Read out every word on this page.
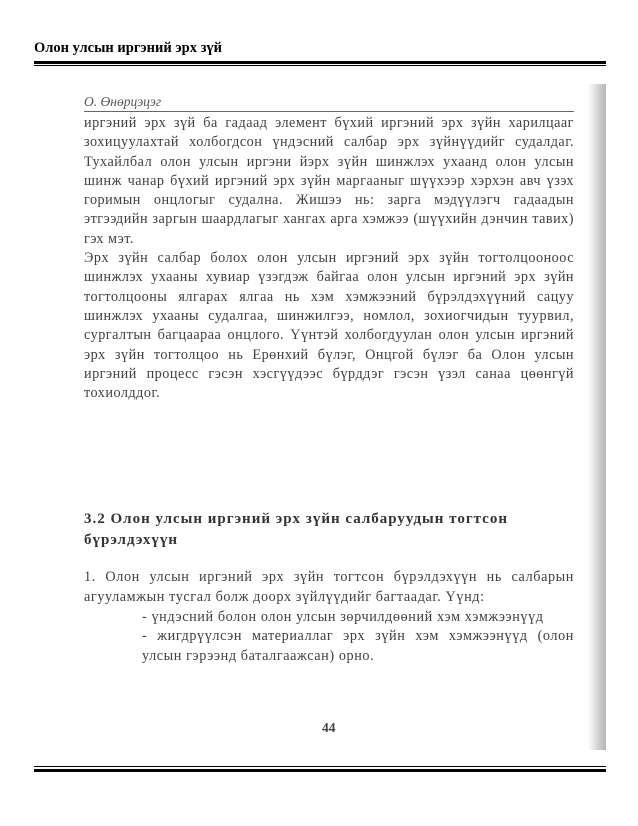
Олон улсын иргэний эрх зүй
О. Өнөрцэцэг

иргэний эрх зүй ба гадаад элемент бүхий иргэний эрх зүйн харилцааг зохицуулахтай холбогдсон үндэсний салбар эрх зүйнүүдийг судалдаг. Тухайлбал олон улсын иргэни йэрх зүйн шинжлэх ухаанд олон улсын шинж чанар бүхий иргэний эрх зүйн маргааныг шүүхээр хэрхэн авч үзэх горимын онцлогыг судална. Жишээ нь: зарга мэдүүлэгч гадаадын этгээдийн заргын шаардлагыг хангах арга хэмжээ (шүүхийн дэнчин тавих) гэх мэт.

Эрх зүйн салбар болох олон улсын иргэний эрх зүйн тогтолцооноос шинжлэх ухааны хувиар үзэгдэж байгаа олон улсын иргэний эрх зүйн тогтолцооны ялгарах ялгаа нь хэм хэмжээний бүрэлдэхүүний сацуу шинжлэх ухааны судалгаа, шинжилгээ, номлол, зохиогчидын туурвил, сургалтын багцаараа онцлого. Үүнтэй холбогдуулан олон улсын иргэний эрх зүйн тогтолцоо нь Ерөнхий бүлэг, Онцгой бүлэг ба Олон улсын иргэний процесс гэсэн хэсгүүдээс бүрддэг гэсэн үзэл санаа цөөнгүй тохиолддог.

3.2 Олон улсын иргэний эрх зүйн салбаруудын тогтсон бүрэлдэхүүн

1. Олон улсын иргэний эрх зүйн тогтсон бүрэлдэхүүн нь салбарын агууламжын тусгал болж доорх зүйлүүдийг багтаадаг. Үүнд:

- үндэсний болон олон улсын зөрчилдөөний хэм хэмжээнүүд

- жигдрүүлсэн материаллаг эрх зүйн хэм хэмжээнүүд (олон улсын гэрээнд баталгаажсан) орно.

44
